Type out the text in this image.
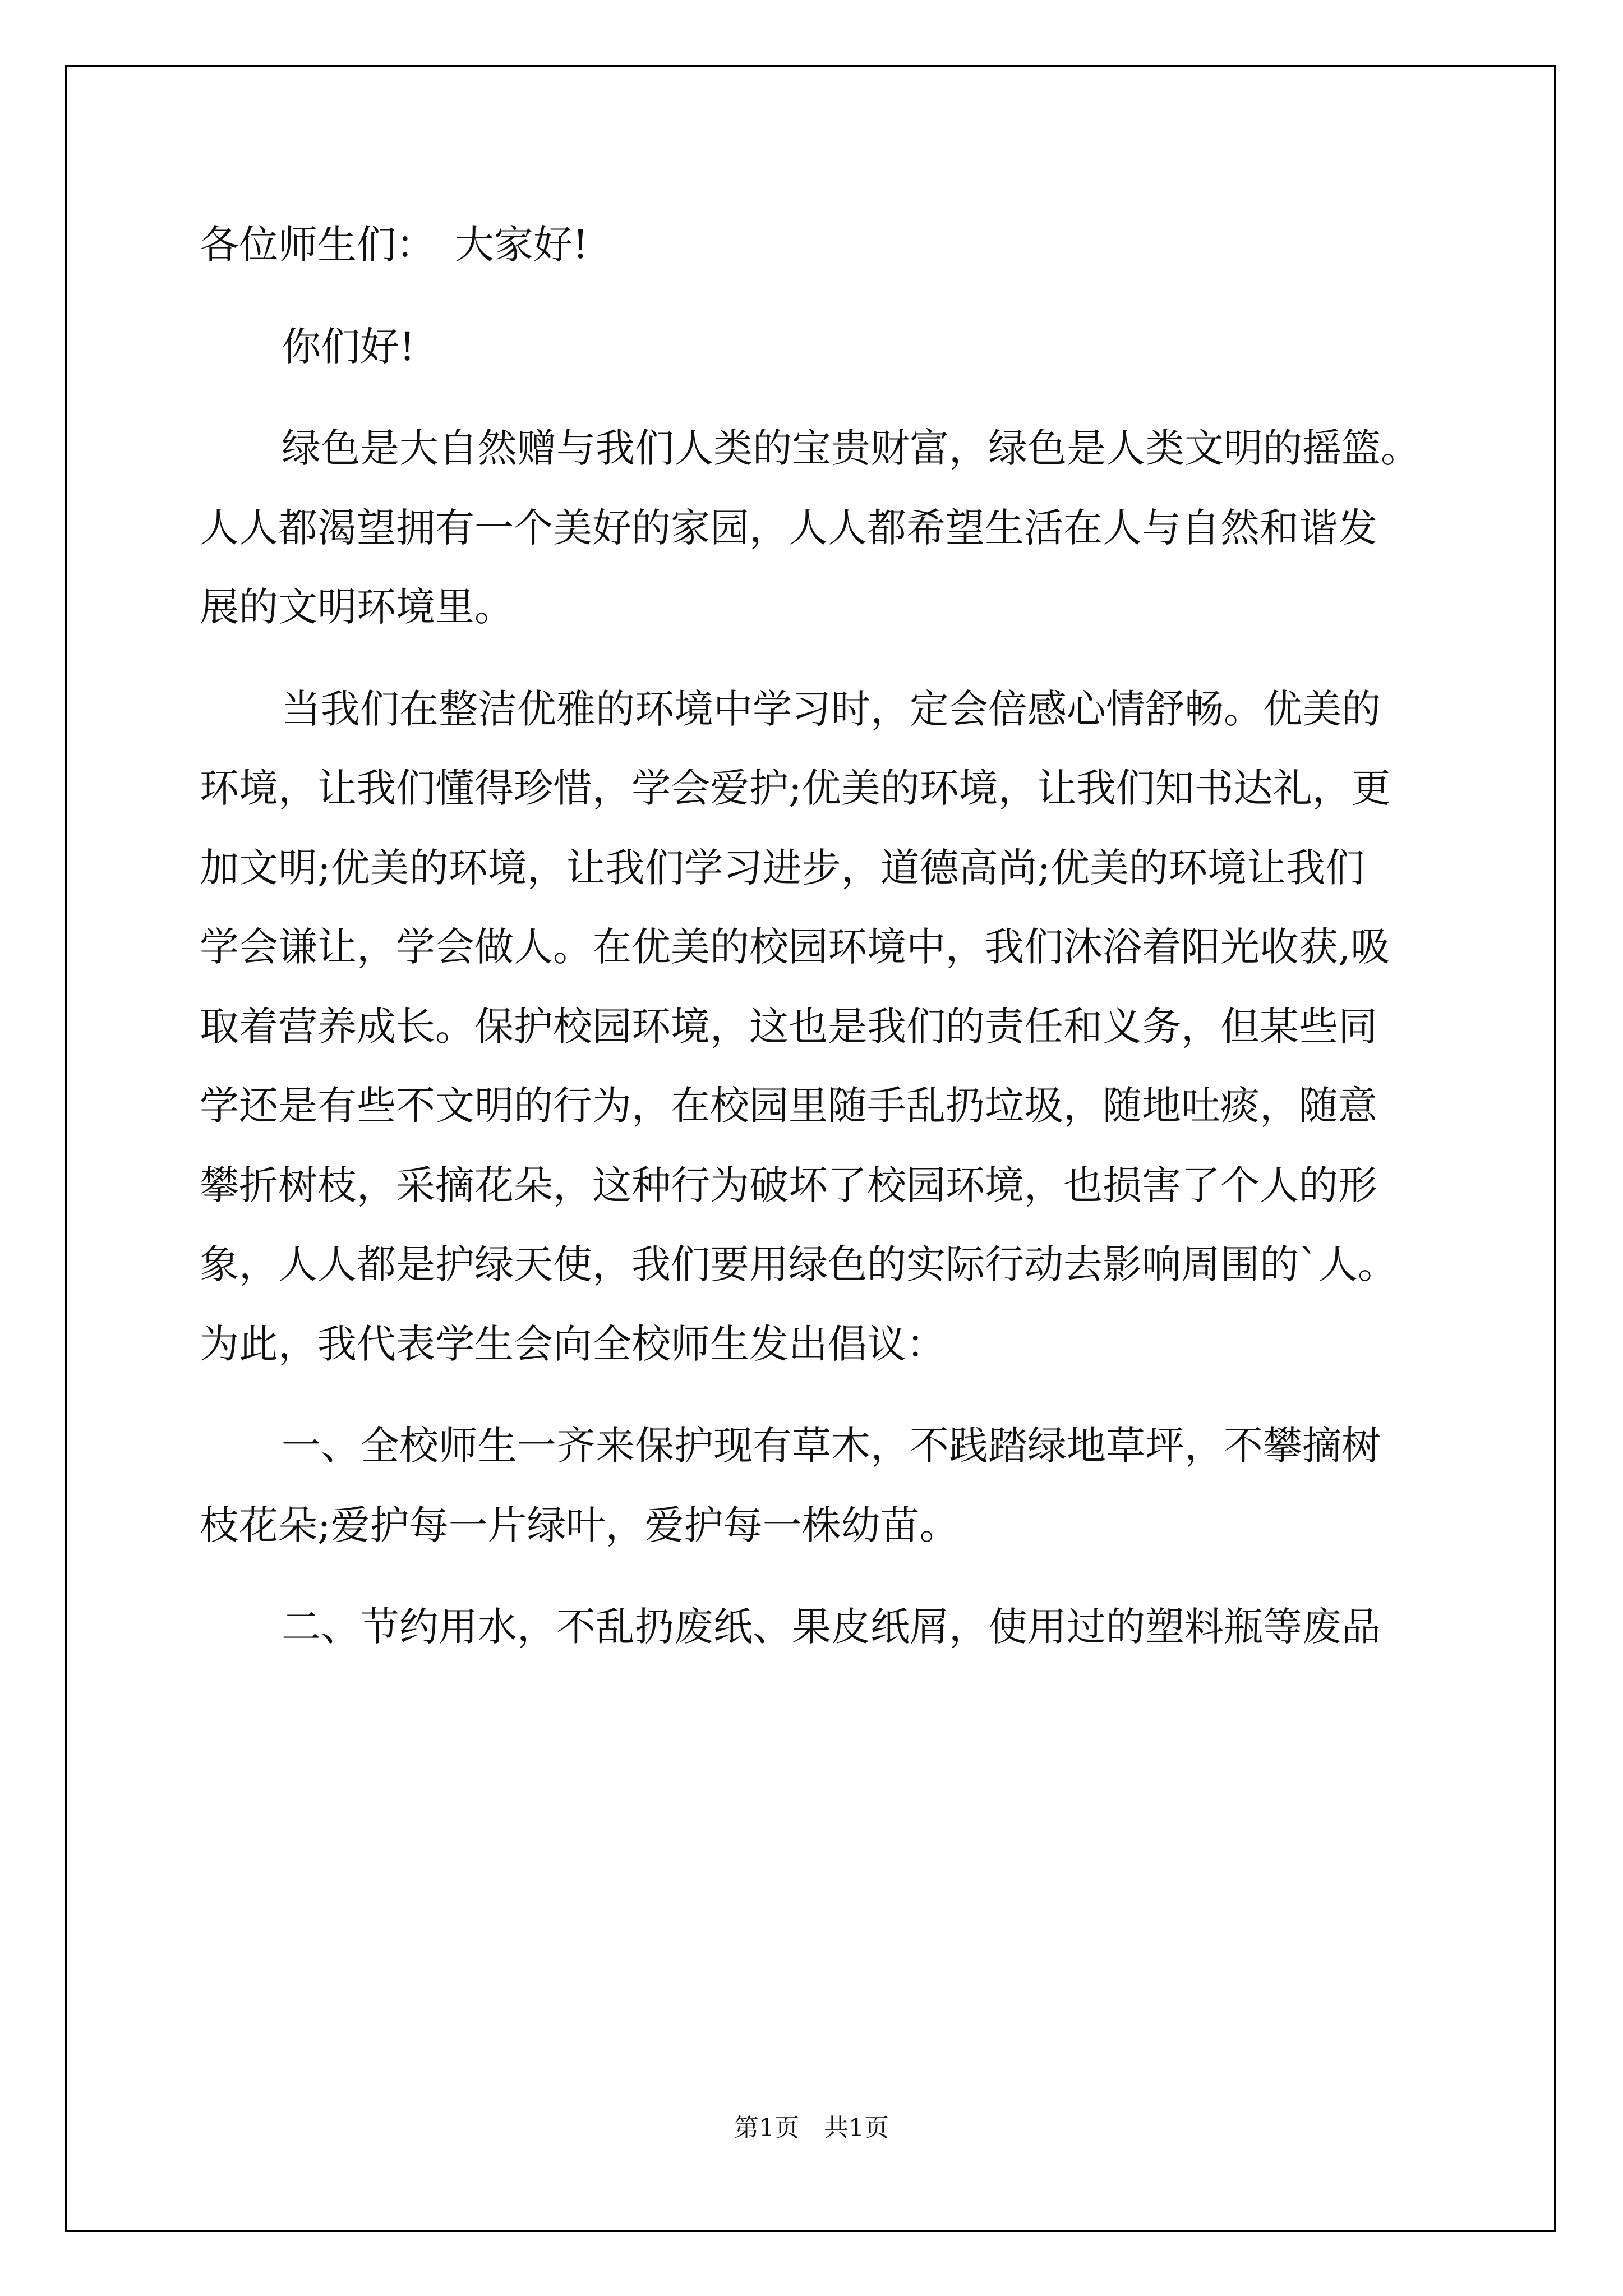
各位师生们：　大家好!
你们好!
绿色是大自然赠与我们人类的宝贵财富，绿色是人类文明的摇篮。
人人都渴望拥有一个美好的家园，人人都希望生活在人与自然和谐发
展的文明环境里。
当我们在整洁优雅的环境中学习时，定会倍感心情舒畅。优美的
环境，让我们懂得珍惜，学会爱护;优美的环境，让我们知书达礼，更
加文明;优美的环境，让我们学习进步，道德高尚;优美的环境让我们
学会谦让，学会做人。在优美的校园环境中，我们沐浴着阳光收获,吸
取着营养成长。保护校园环境，这也是我们的责任和义务，但某些同
学还是有些不文明的行为，在校园里随手乱扔垃圾，随地吐痰，随意
攀折树枝，采摘花朵，这种行为破坏了校园环境，也损害了个人的形
象，人人都是护绿天使，我们要用绿色的实际行动去影响周围的`人。
为此，我代表学生会向全校师生发出倡议：
一、全校师生一齐来保护现有草木，不践踏绿地草坪，不攀摘树
枝花朵;爱护每一片绿叶，爱护每一株幼苗。
二、节约用水，不乱扔废纸、果皮纸屑，使用过的塑料瓶等废品
第1页　共1页
